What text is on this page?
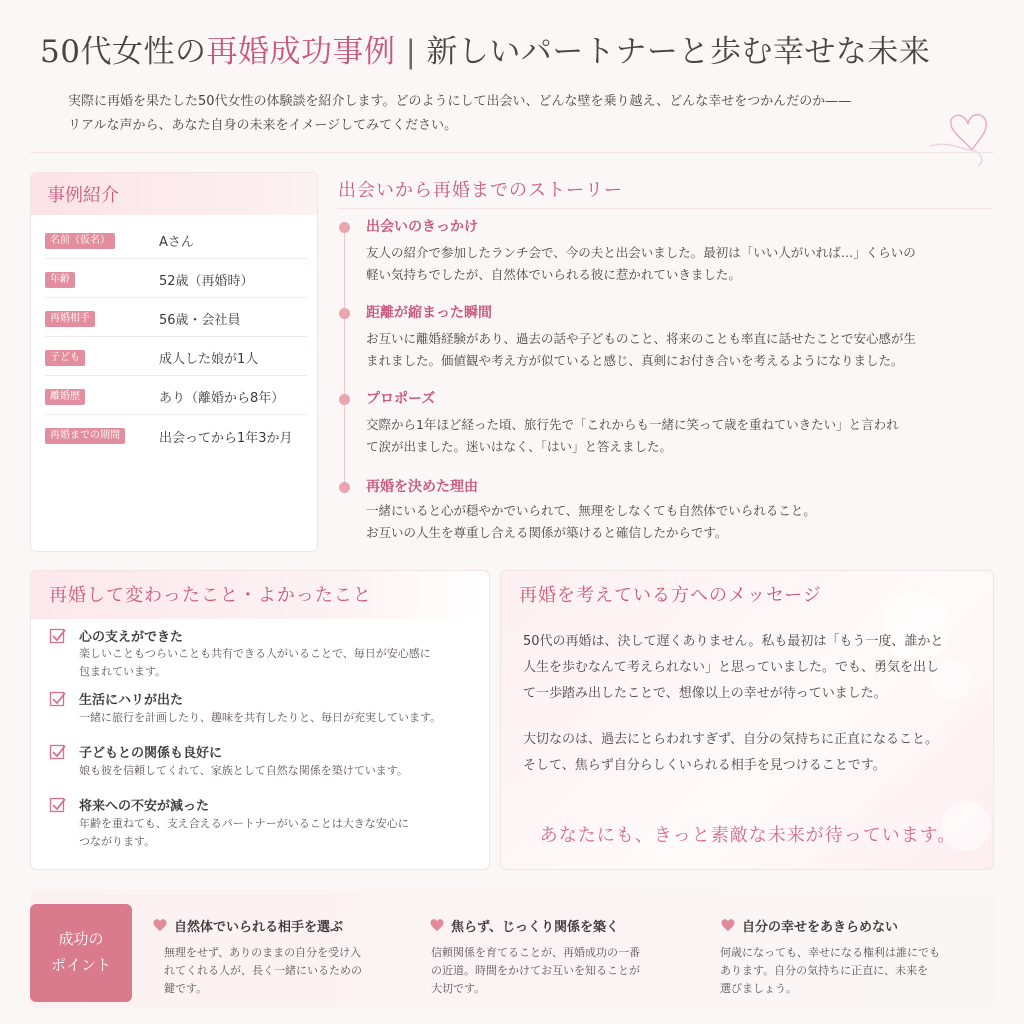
50代女性の再婚成功事例 | 新しいパートナーと歩む幸せな未来
実際に再婚を果たした50代女性の体験談を紹介します。どのようにして出会い、どんな壁を乗り越え、どんな幸せをつかんだのか——
リアルな声から、あなた自身の未来をイメージしてみてください。
事例紹介
名前（仮名）	Aさん
年齢	52歳（再婚時）
再婚相手	56歳・会社員
子ども	成人した娘が1人
離婚歴	あり（離婚から8年）
再婚までの期間	出会ってから1年3か月
出会いから再婚までのストーリー
出会いのきっかけ
友人の紹介で参加したランチ会で、今の夫と出会いました。最初は「いい人がいれば…」くらいの
軽い気持ちでしたが、自然体でいられる彼に惹かれていきました。
距離が縮まった瞬間
お互いに離婚経験があり、過去の話や子どものこと、将来のことも率直に話せたことで安心感が生
まれました。価値観や考え方が似ていると感じ、真剣にお付き合いを考えるようになりました。
プロポーズ
交際から1年ほど経った頃、旅行先で「これからも一緒に笑って歳を重ねていきたい」と言われ
て涙が出ました。迷いはなく、「はい」と答えました。
再婚を決めた理由
一緒にいると心が穏やかでいられて、無理をしなくても自然体でいられること。
お互いの人生を尊重し合える関係が築けると確信したからです。
再婚して変わったこと・よかったこと
心の支えができた
楽しいこともつらいことも共有できる人がいることで、毎日が安心感に
包まれています。
生活にハリが出た
一緒に旅行を計画したり、趣味を共有したりと、毎日が充実しています。
子どもとの関係も良好に
娘も彼を信頼してくれて、家族として自然な関係を築けています。
将来への不安が減った
年齢を重ねても、支え合えるパートナーがいることは大きな安心に
つながります。
再婚を考えている方へのメッセージ
50代の再婚は、決して遅くありません。私も最初は「もう一度、誰かと
人生を歩むなんて考えられない」と思っていました。でも、勇気を出し
て一歩踏み出したことで、想像以上の幸せが待っていました。
大切なのは、過去にとらわれすぎず、自分の気持ちに正直になること。
そして、焦らず自分らしくいられる相手を見つけることです。
あなたにも、きっと素敵な未来が待っています。
成功の
ポイント
自然体でいられる相手を選ぶ
無理をせず、ありのままの自分を受け入
れてくれる人が、長く一緒にいるための
鍵です。
焦らず、じっくり関係を築く
信頼関係を育てることが、再婚成功の一番
の近道。時間をかけてお互いを知ることが
大切です。
自分の幸せをあきらめない
何歳になっても、幸せになる権利は誰にでも
あります。自分の気持ちに正直に、未来を
選びましょう。
